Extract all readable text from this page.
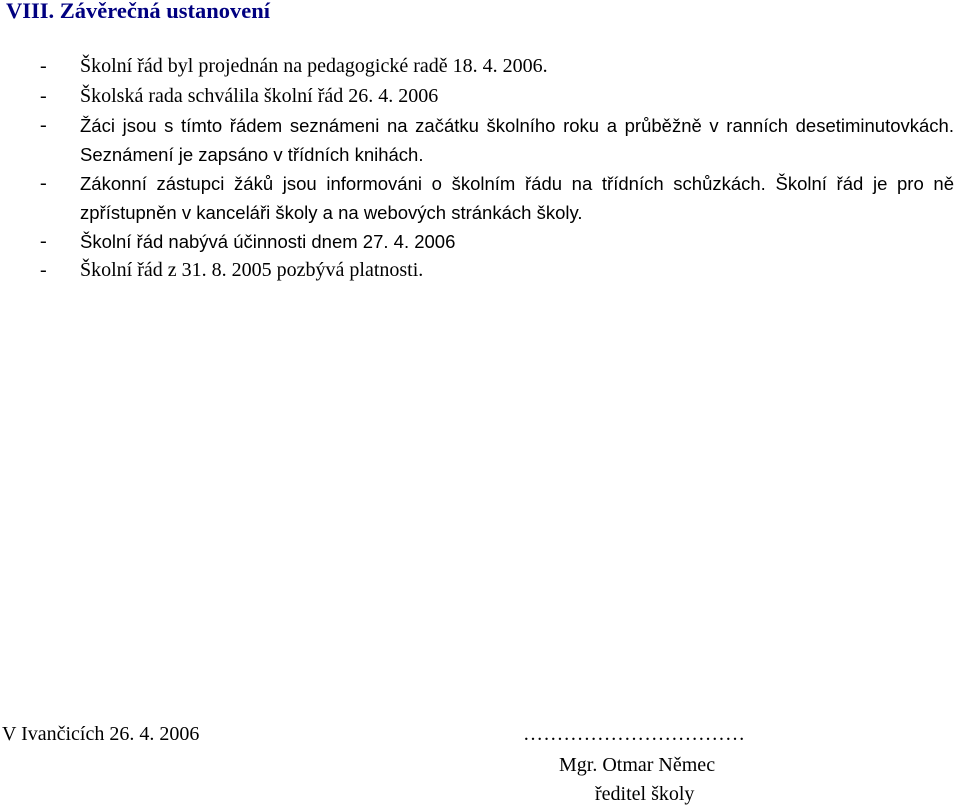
VIII. Závěrečná ustanovení
- Školní řád byl projednán na pedagogické radě 18. 4. 2006.
- Školská rada schválila školní řád 26. 4. 2006
- Žáci jsou s tímto řádem seznámeni na začátku školního roku a průběžně v ranních desetiminutovkách. Seznámení je zapsáno v třídních knihách.
- Zákonní zástupci žáků jsou informováni o školním řádu na třídních schůzkách. Školní řád je pro ně zpřístupněn v kanceláři školy a na webových stránkách školy.
- Školní řád nabývá účinnosti dnem 27. 4. 2006
- Školní řád z 31. 8. 2005 pozbývá platnosti.
V Ivančicích 26. 4. 2006	……………………………
Mgr. Otmar Němec
ředitel školy
